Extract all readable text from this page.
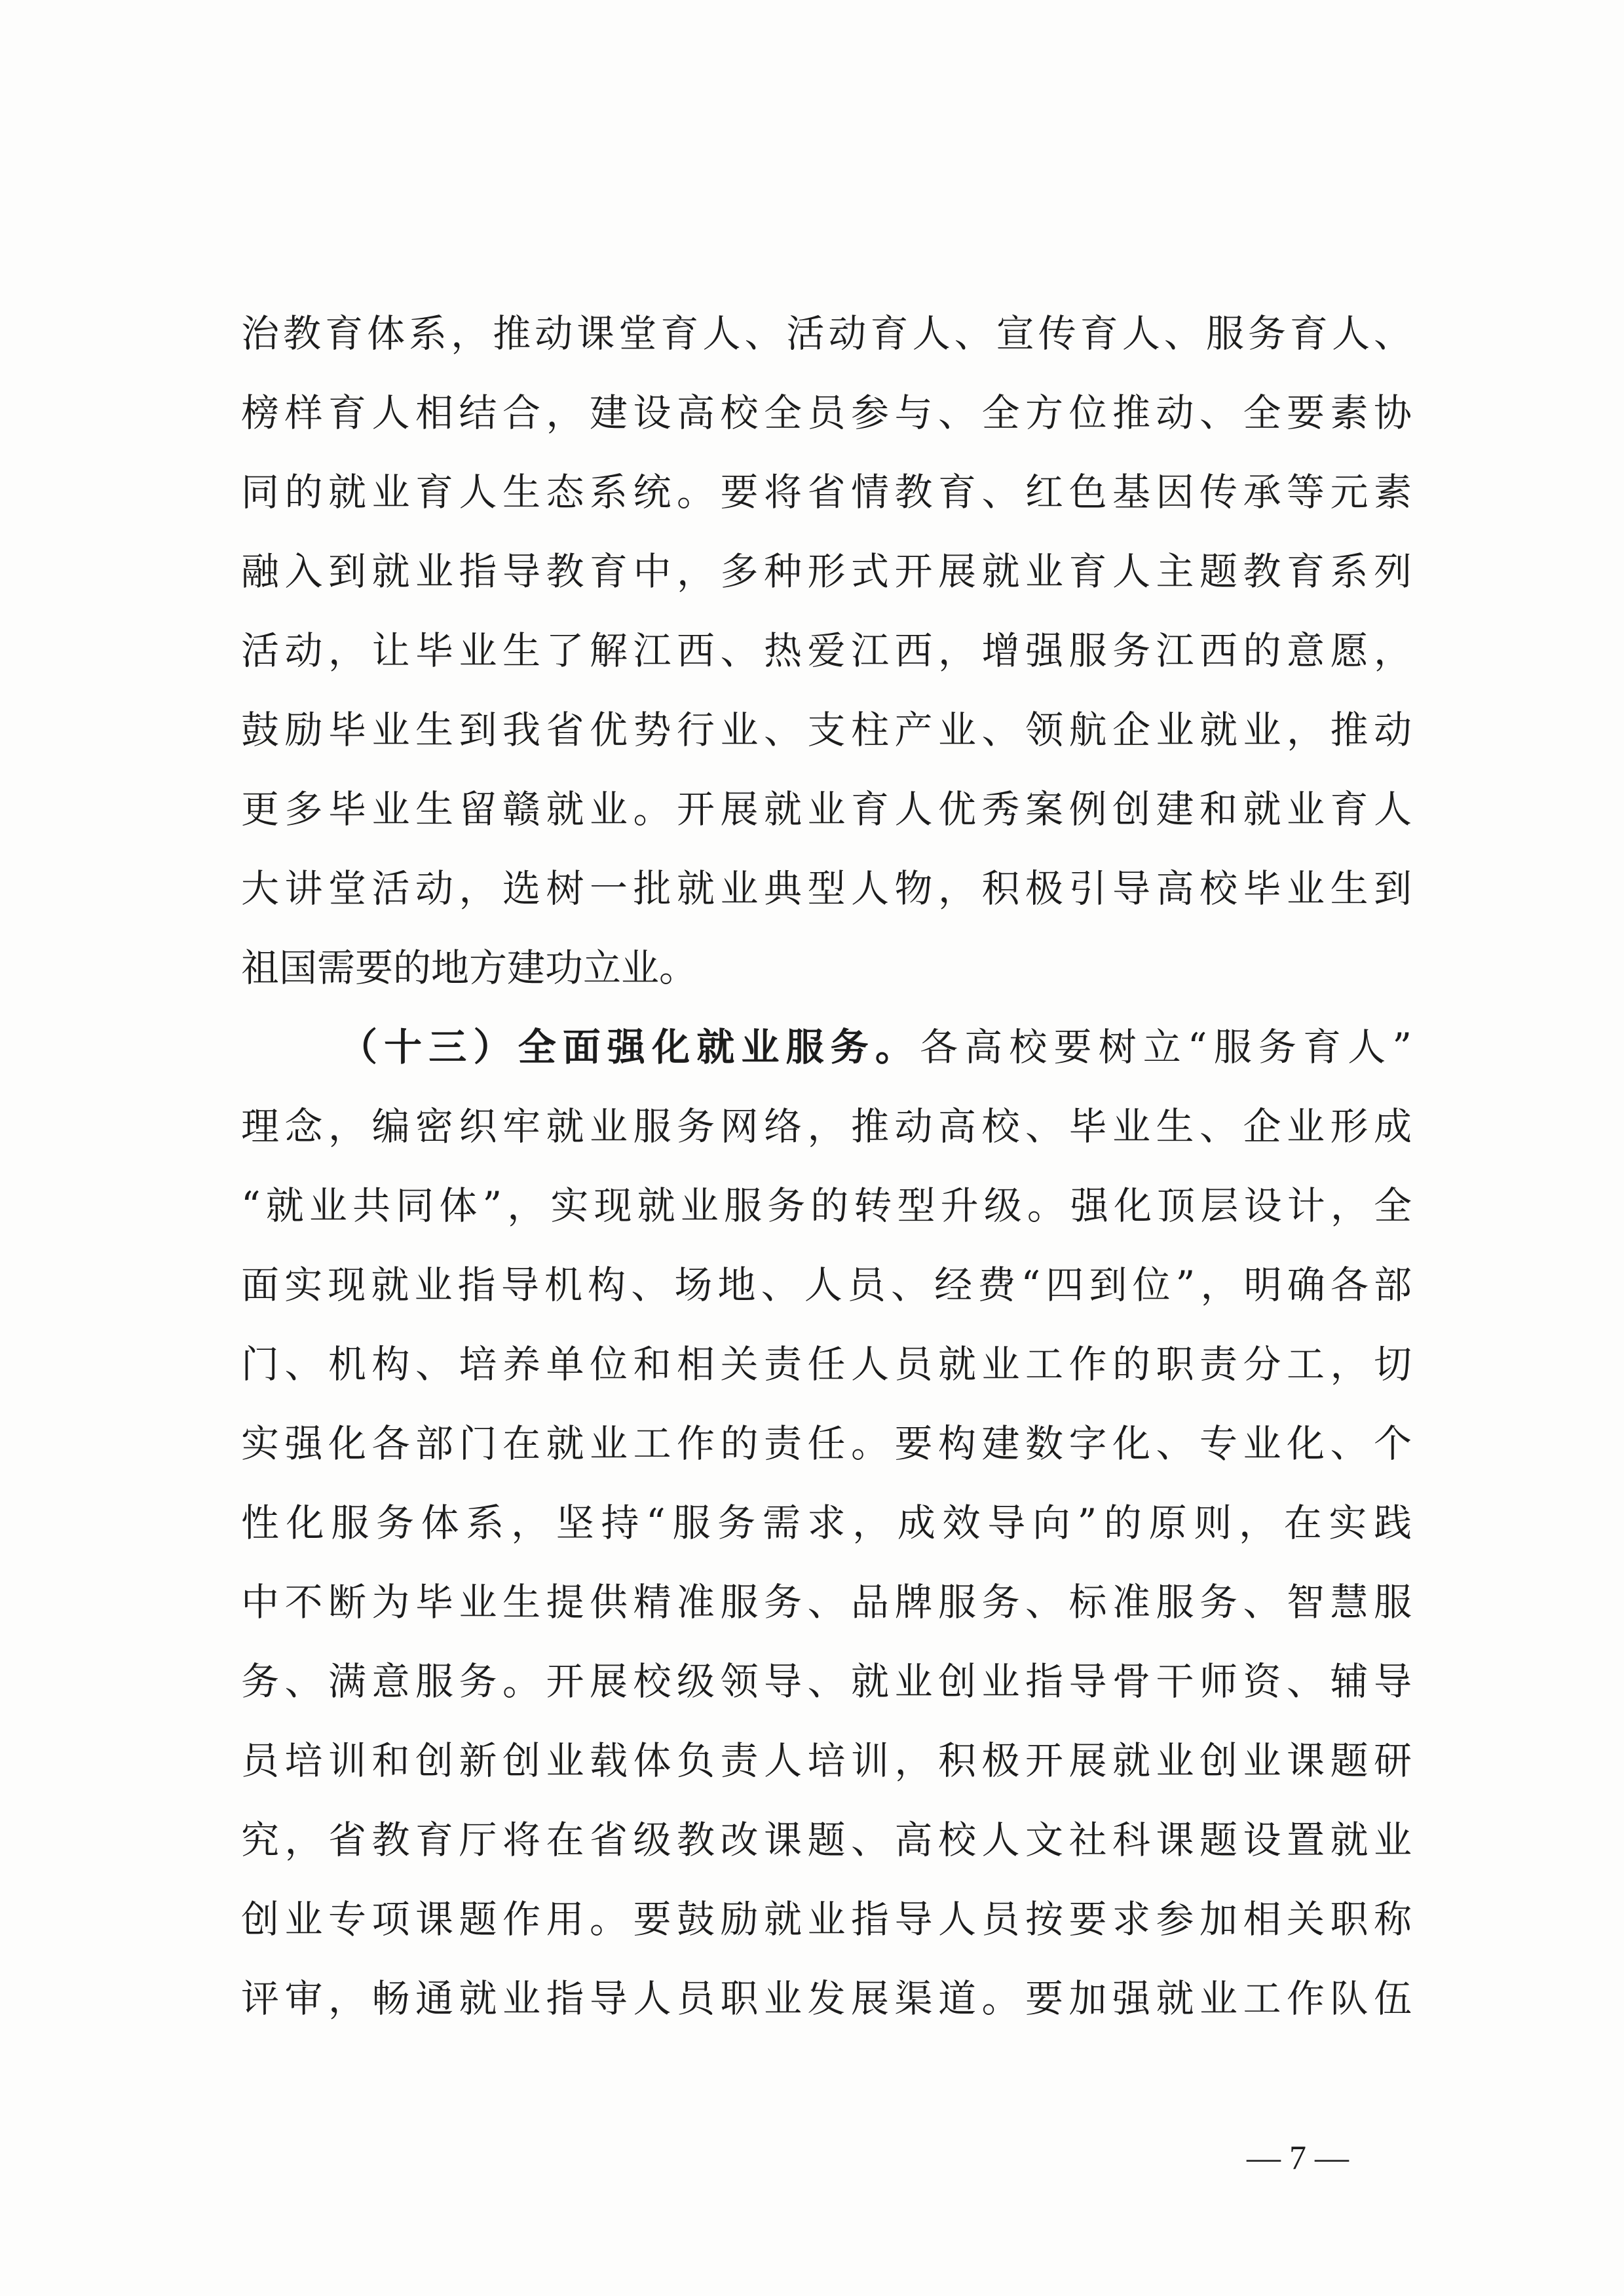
治教育体系，推动课堂育人、活动育人、宣传育人、服务育人、
榜样育人相结合，建设高校全员参与、全方位推动、全要素协
同的就业育人生态系统。要将省情教育、红色基因传承等元素
融入到就业指导教育中，多种形式开展就业育人主题教育系列
活动，让毕业生了解江西、热爱江西，增强服务江西的意愿，
鼓励毕业生到我省优势行业、支柱产业、领航企业就业，推动
更多毕业生留赣就业。开展就业育人优秀案例创建和就业育人
大讲堂活动，选树一批就业典型人物，积极引导高校毕业生到
祖国需要的地方建功立业。
（十三）全面强化就业服务。各高校要树立“服务育人”
理念，编密织牢就业服务网络，推动高校、毕业生、企业形成
“就业共同体”，实现就业服务的转型升级。强化顶层设计，全
面实现就业指导机构、场地、人员、经费“四到位”，明确各部
门、机构、培养单位和相关责任人员就业工作的职责分工，切
实强化各部门在就业工作的责任。要构建数字化、专业化、个
性化服务体系，坚持“服务需求，成效导向”的原则，在实践
中不断为毕业生提供精准服务、品牌服务、标准服务、智慧服
务、满意服务。开展校级领导、就业创业指导骨干师资、辅导
员培训和创新创业载体负责人培训，积极开展就业创业课题研
究，省教育厅将在省级教改课题、高校人文社科课题设置就业
创业专项课题作用。要鼓励就业指导人员按要求参加相关职称
评审，畅通就业指导人员职业发展渠道。要加强就业工作队伍
— 7 —
